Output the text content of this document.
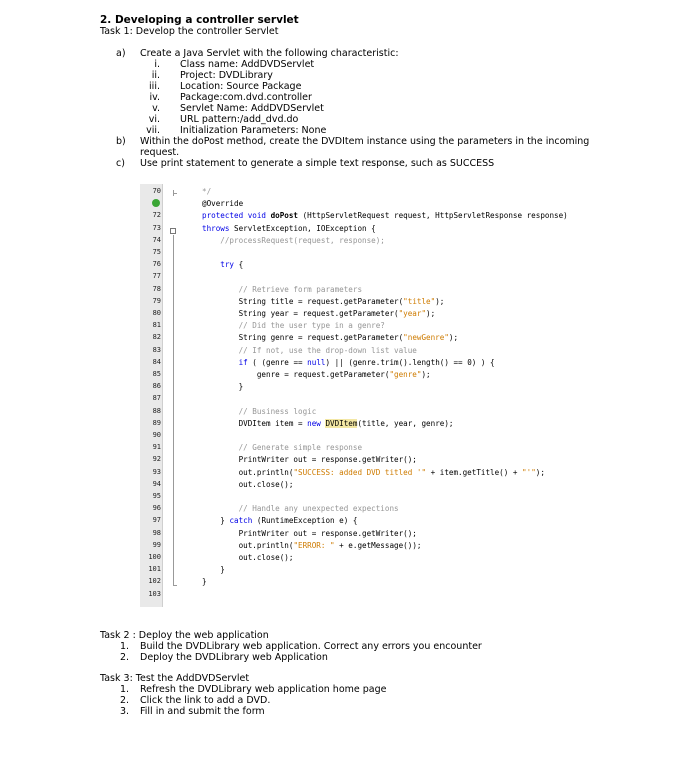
2. Developing a controller servlet
Task 1: Develop the controller Servlet
a) Create a Java Servlet with the following characteristic:
i. Class name: AddDVDServlet
ii. Project: DVDLibrary
iii. Location: Source Package
iv. Package:com.dvd.controller
v. Servlet Name: AddDVDServlet
vi. URL pattern:/add_dvd.do
vii. Initialization Parameters: None
b) Within the doPost method, create the DVDItem instance using the parameters in the incoming
request.
c) Use print statement to generate a simple text response, such as SUCCESS
70
72
73
74
75
76
77
78
79
80
81
82
83
84
85
86
87
88
89
90
91
92
93
94
95
96
97
98
99
100
101
102
103
*/
@Override
protected void doPost (HttpServletRequest request, HttpServletResponse response)
throws ServletException, IOException {
//processRequest(request, response);
try {
// Retrieve form parameters
String title = request.getParameter("title");
String year = request.getParameter("year");
// Did the user type in a genre?
String genre = request.getParameter("newGenre");
// If not, use the drop-down list value
if ( (genre == null) || (genre.trim().length() == 0) ) {
genre = request.getParameter("genre");
}
// Business logic
DVDItem item = new DVDItem(title, year, genre);
// Generate simple response
PrintWriter out = response.getWriter();
out.println("SUCCESS: added DVD titled '" + item.getTitle() + "'");
out.close();
// Handle any unexpected expections
} catch (RuntimeException e) {
PrintWriter out = response.getWriter();
out.println("ERROR: " + e.getMessage());
out.close();
}
}
Task 2 : Deploy the web application
1. Build the DVDLibrary web application. Correct any errors you encounter
2. Deploy the DVDLibrary web Application
Task 3: Test the AddDVDServlet
1. Refresh the DVDLibrary web application home page
2. Click the link to add a DVD.
3. Fill in and submit the form
